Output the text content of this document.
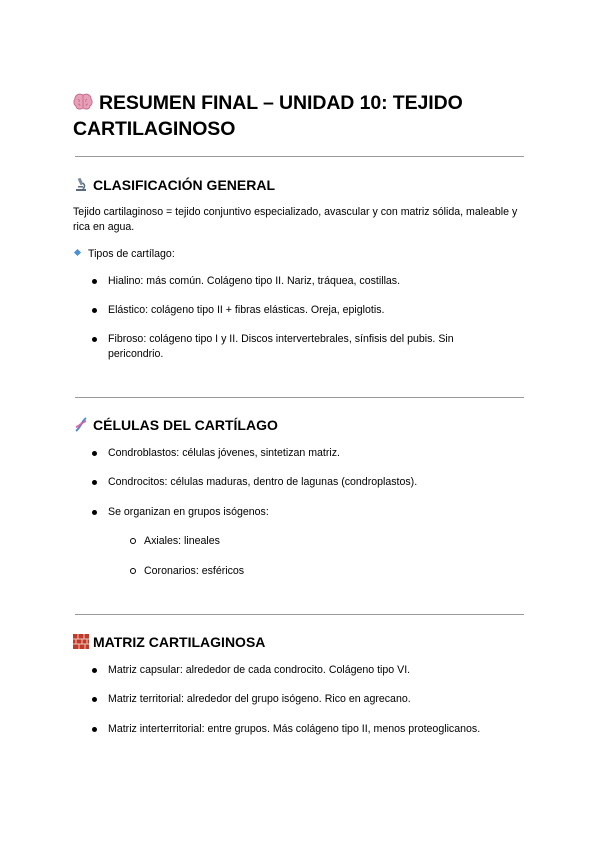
RESUMEN FINAL – UNIDAD 10: TEJIDO CARTILAGINOSO
CLASIFICACIÓN GENERAL
Tejido cartilaginoso = tejido conjuntivo especializado, avascular y con matriz sólida, maleable y rica en agua.
Tipos de cartílago:
Hialino: más común. Colágeno tipo II. Nariz, tráquea, costillas.
Elástico: colágeno tipo II + fibras elásticas. Oreja, epiglotis.
Fibroso: colágeno tipo I y II. Discos intervertebrales, sínfisis del pubis. Sin pericondrio.
CÉLULAS DEL CARTÍLAGO
Condroblastos: células jóvenes, sintetizan matriz.
Condrocitos: células maduras, dentro de lagunas (condroplastos).
Se organizan en grupos isógenos:
Axiales: lineales
Coronarios: esféricos
MATRIZ CARTILAGINOSA
Matriz capsular: alrededor de cada condrocito. Colágeno tipo VI.
Matriz territorial: alrededor del grupo isógeno. Rico en agrecano.
Matriz interterritorial: entre grupos. Más colágeno tipo II, menos proteoglicanos.
